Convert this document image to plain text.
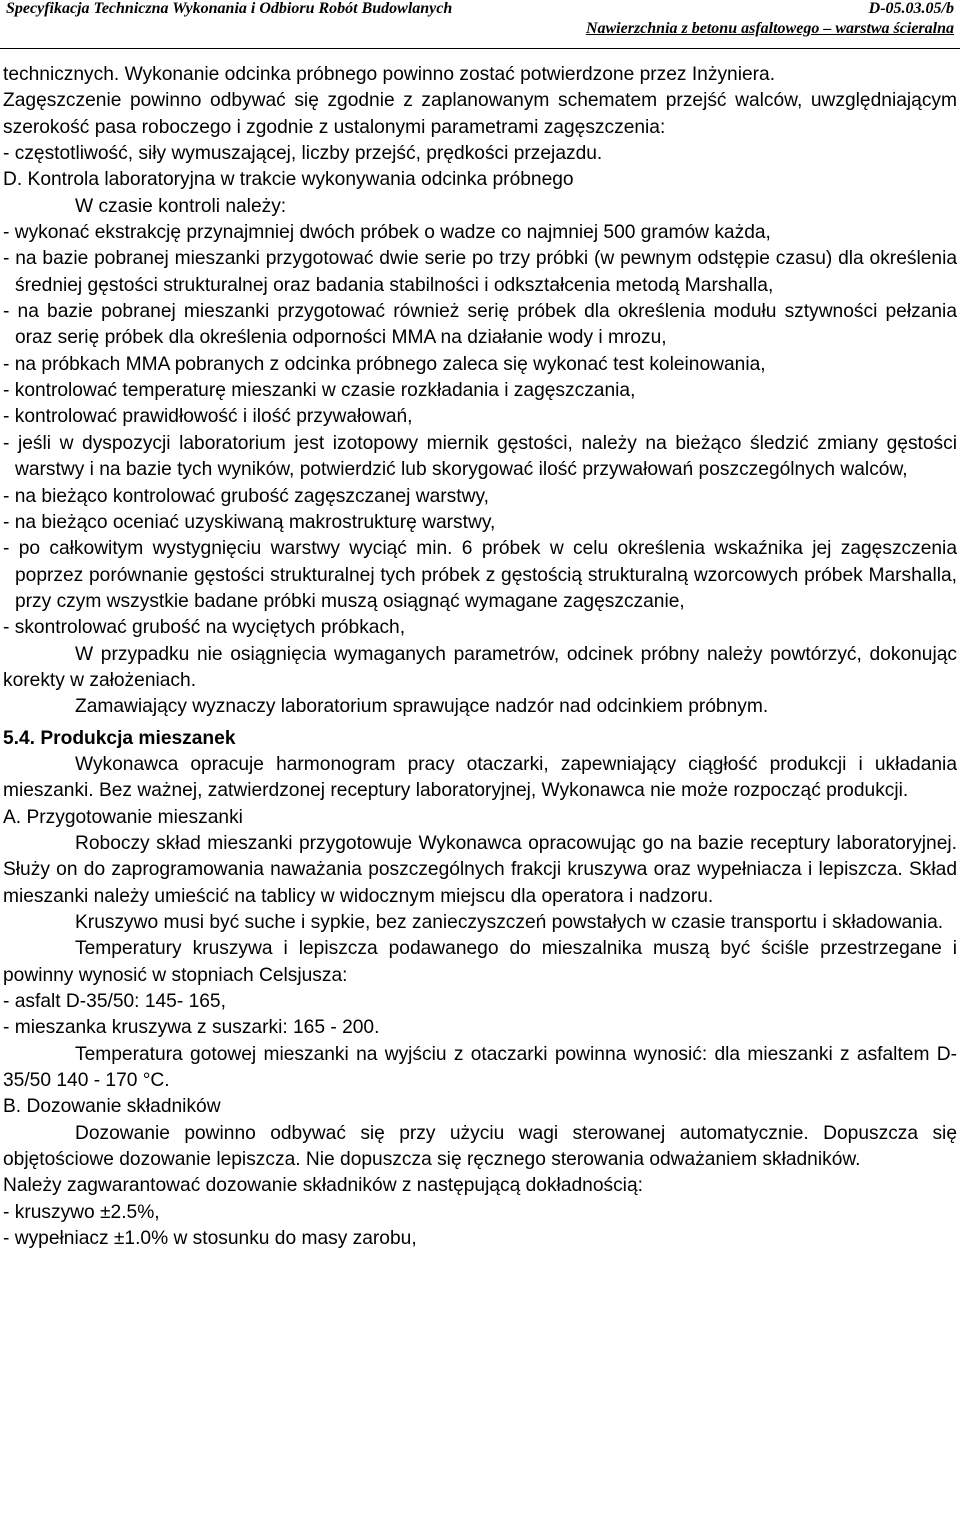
Specyfikacja Techniczna Wykonania i Odbioru Robót Budowlanych	D-05.03.05/b
Nawierzchnia z betonu asfaltowego – warstwa ścieralna

technicznych. Wykonanie odcinka próbnego powinno zostać potwierdzone przez Inżyniera.

Zagęszczenie powinno odbywać się zgodnie z zaplanowanym schematem przejść walców, uwzględniającym szerokość pasa roboczego i zgodnie z ustalonymi parametrami zagęszczenia:

- częstotliwość, siły wymuszającej, liczby przejść, prędkości przejazdu.

D. Kontrola laboratoryjna w trakcie wykonywania odcinka próbnego

W czasie kontroli należy:

- wykonać ekstrakcję przynajmniej dwóch próbek o wadze co najmniej 500 gramów każda,

- na bazie pobranej mieszanki przygotować dwie serie po trzy próbki (w pewnym odstępie czasu) dla określenia średniej gęstości strukturalnej oraz badania stabilności i odkształcenia metodą Marshalla,

- na bazie pobranej mieszanki przygotować również serię próbek dla określenia modułu sztywności pełzania oraz serię próbek dla określenia odporności MMA na działanie wody i mrozu,

- na próbkach MMA pobranych z odcinka próbnego zaleca się wykonać test koleinowania,

- kontrolować temperaturę mieszanki w czasie rozkładania i zagęszczania,

- kontrolować prawidłowość i ilość przywałowań,

- jeśli w dyspozycji laboratorium jest izotopowy miernik gęstości, należy na bieżąco śledzić zmiany gęstości warstwy i na bazie tych wyników, potwierdzić lub skorygować ilość przywałowań poszczególnych walców,

- na bieżąco kontrolować grubość zagęszczanej warstwy,

- na bieżąco oceniać uzyskiwaną makrostrukturę warstwy,

- po całkowitym wystygnięciu warstwy wyciąć min. 6 próbek w celu określenia wskaźnika jej zagęszczenia poprzez porównanie gęstości strukturalnej tych próbek z gęstością strukturalną wzorcowych próbek Marshalla, przy czym wszystkie badane próbki muszą osiągnąć wymagane zagęszczanie,

- skontrolować grubość na wyciętych próbkach,

W przypadku nie osiągnięcia wymaganych parametrów, odcinek próbny należy powtórzyć, dokonując korekty w założeniach.

Zamawiający wyznaczy laboratorium sprawujące nadzór nad odcinkiem próbnym.

5.4. Produkcja mieszanek

Wykonawca opracuje harmonogram pracy otaczarki, zapewniający ciągłość produkcji i układania mieszanki. Bez ważnej, zatwierdzonej receptury laboratoryjnej, Wykonawca nie może rozpocząć produkcji.

A. Przygotowanie mieszanki

Roboczy skład mieszanki przygotowuje Wykonawca opracowując go na bazie receptury laboratoryjnej. Służy on do zaprogramowania naważania poszczególnych frakcji kruszywa oraz wypełniacza i lepiszcza. Skład mieszanki należy umieścić na tablicy w widocznym miejscu dla operatora i nadzoru.

Kruszywo musi być suche i sypkie, bez zanieczyszczeń powstałych w czasie transportu i składowania.

Temperatury kruszywa i lepiszcza podawanego do mieszalnika muszą być ściśle przestrzegane i powinny wynosić w stopniach Celsjusza:

- asfalt D-35/50: 145- 165,

- mieszanka kruszywa z suszarki: 165 - 200.

Temperatura gotowej mieszanki na wyjściu z otaczarki powinna wynosić: dla mieszanki z asfaltem D-35/50 140 - 170 °C.

B. Dozowanie składników

Dozowanie powinno odbywać się przy użyciu wagi sterowanej automatycznie. Dopuszcza się objętościowe dozowanie lepiszcza. Nie dopuszcza się ręcznego sterowania odważaniem składników.

Należy zagwarantować dozowanie składników z następującą dokładnością:

- kruszywo ±2.5%,

- wypełniacz ±1.0% w stosunku do masy zarobu,
